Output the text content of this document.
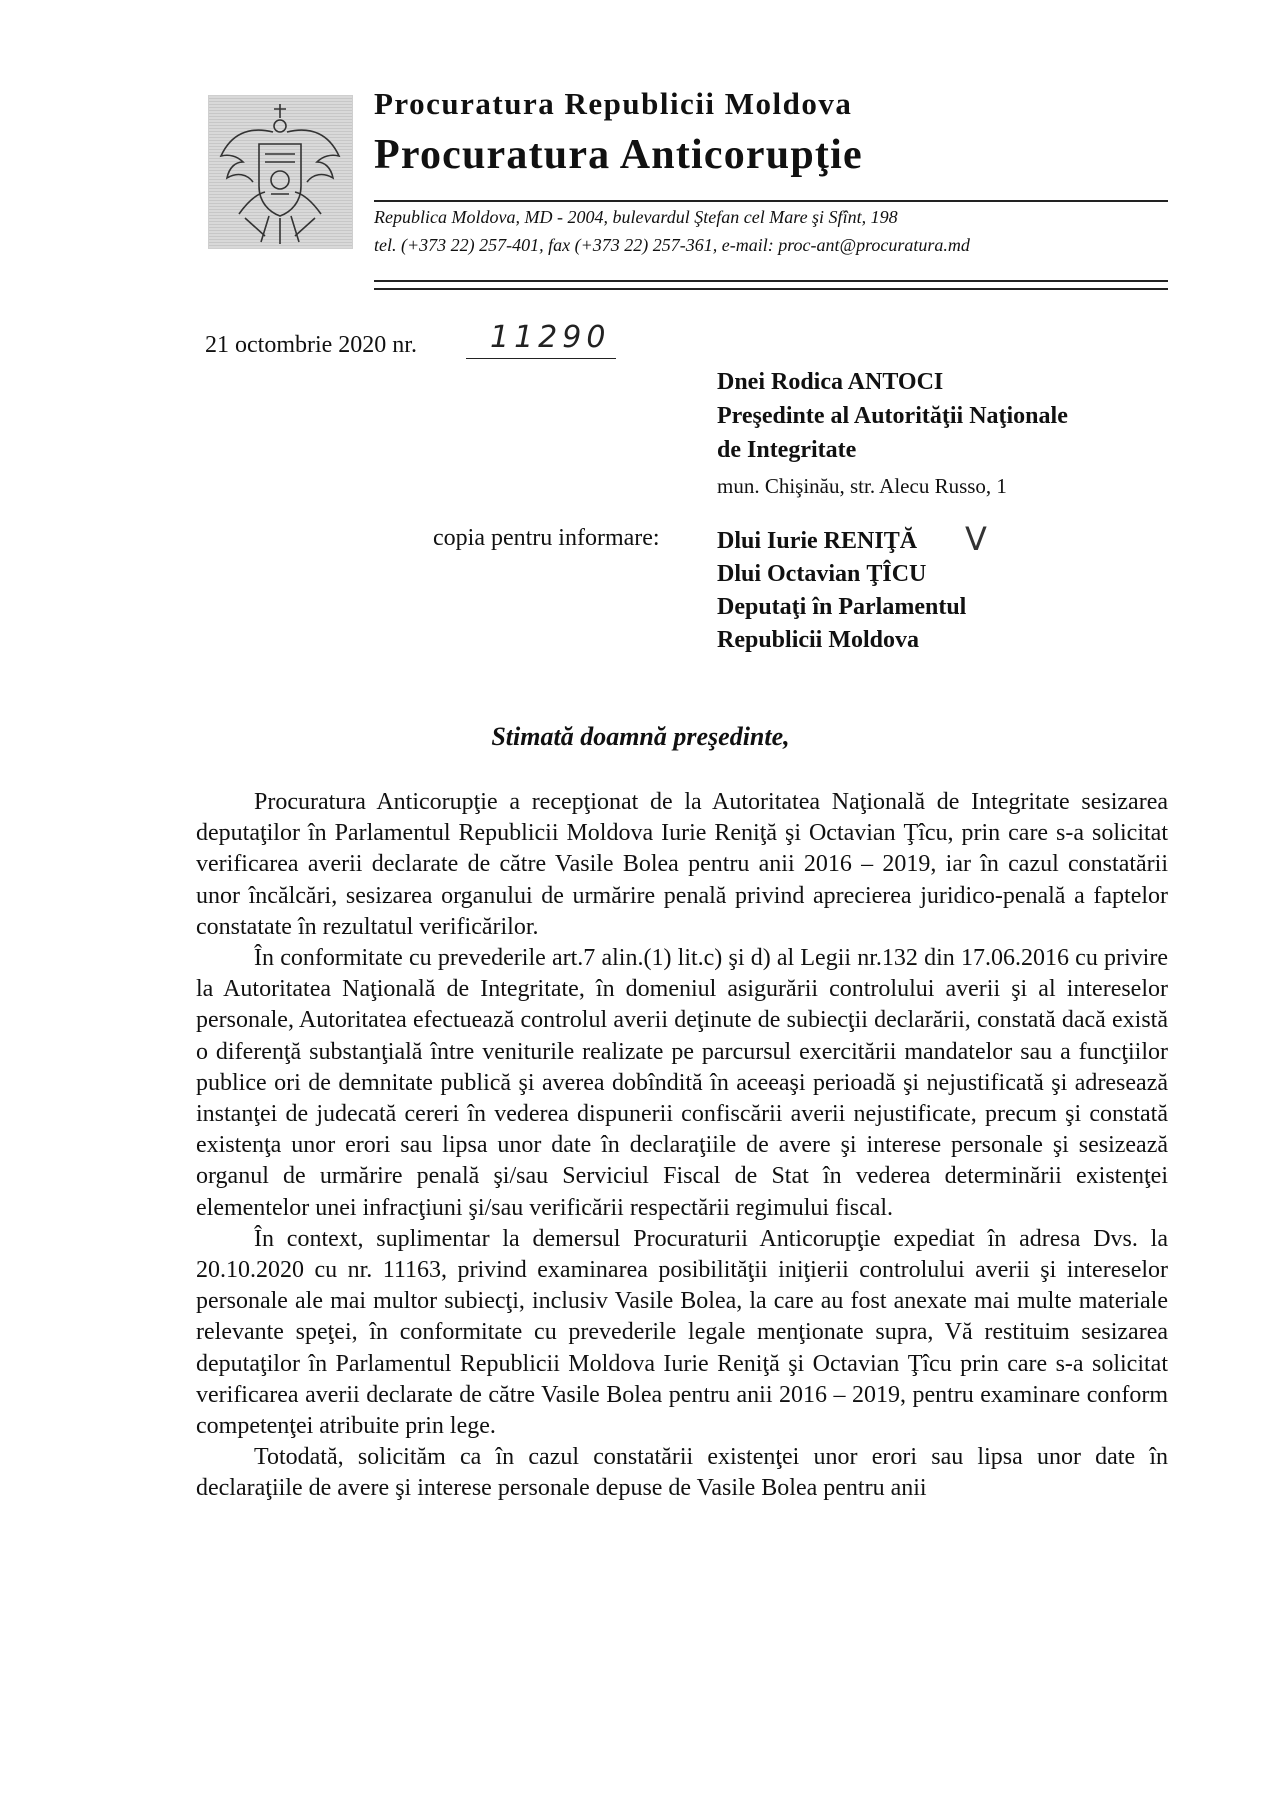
Procuratura Republicii Moldova
Procuratura Anticorupţie
Republica Moldova, MD - 2004, bulevardul Ştefan cel Mare şi Sfînt, 198
tel. (+373 22) 257-401, fax (+373 22) 257-361, e-mail: proc-ant@procuratura.md
21 octombrie 2020 nr. 11290
Dnei Rodica ANTOCI
Preşedinte al Autorităţii Naţionale
de Integritate
mun. Chişinău, str. Alecu Russo, 1
copia pentru informare: Dlui Iurie RENIŢĂ
Dlui Octavian ŢÎCU
Deputaţi în Parlamentul
Republicii Moldova
V
Stimată doamnă preşedinte,

Procuratura Anticorupţie a recepţionat de la Autoritatea Naţională de Integritate sesizarea deputaţilor în Parlamentul Republicii Moldova Iurie Reniţă şi Octavian Ţîcu, prin care s-a solicitat verificarea averii declarate de către Vasile Bolea pentru anii 2016 – 2019, iar în cazul constatării unor încălcări, sesizarea organului de urmărire penală privind aprecierea juridico-penală a faptelor constatate în rezultatul verificărilor.

În conformitate cu prevederile art.7 alin.(1) lit.c) şi d) al Legii nr.132 din 17.06.2016 cu privire la Autoritatea Naţională de Integritate, în domeniul asigurării controlului averii şi al intereselor personale, Autoritatea efectuează controlul averii deţinute de subiecţii declarării, constată dacă există o diferenţă substanţială între veniturile realizate pe parcursul exercitării mandatelor sau a funcţiilor publice ori de demnitate publică şi averea dobîndită în aceeaşi perioadă şi nejustificată şi adresează instanţei de judecată cereri în vederea dispunerii confiscării averii nejustificate, precum şi constată existenţa unor erori sau lipsa unor date în declaraţiile de avere şi interese personale şi sesizează organul de urmărire penală şi/sau Serviciul Fiscal de Stat în vederea determinării existenţei elementelor unei infracţiuni şi/sau verificării respectării regimului fiscal.

În context, suplimentar la demersul Procuraturii Anticorupţie expediat în adresa Dvs. la 20.10.2020 cu nr. 11163, privind examinarea posibilităţii iniţierii controlului averii şi intereselor personale ale mai multor subiecţi, inclusiv Vasile Bolea, la care au fost anexate mai multe materiale relevante speţei, în conformitate cu prevederile legale menţionate supra, Vă restituim sesizarea deputaţilor în Parlamentul Republicii Moldova Iurie Reniţă şi Octavian Ţîcu prin care s-a solicitat verificarea averii declarate de către Vasile Bolea pentru anii 2016 – 2019, pentru examinare conform competenţei atribuite prin lege.

Totodată, solicităm ca în cazul constatării existenţei unor erori sau lipsa unor date în declaraţiile de avere şi interese personale depuse de Vasile Bolea pentru anii
